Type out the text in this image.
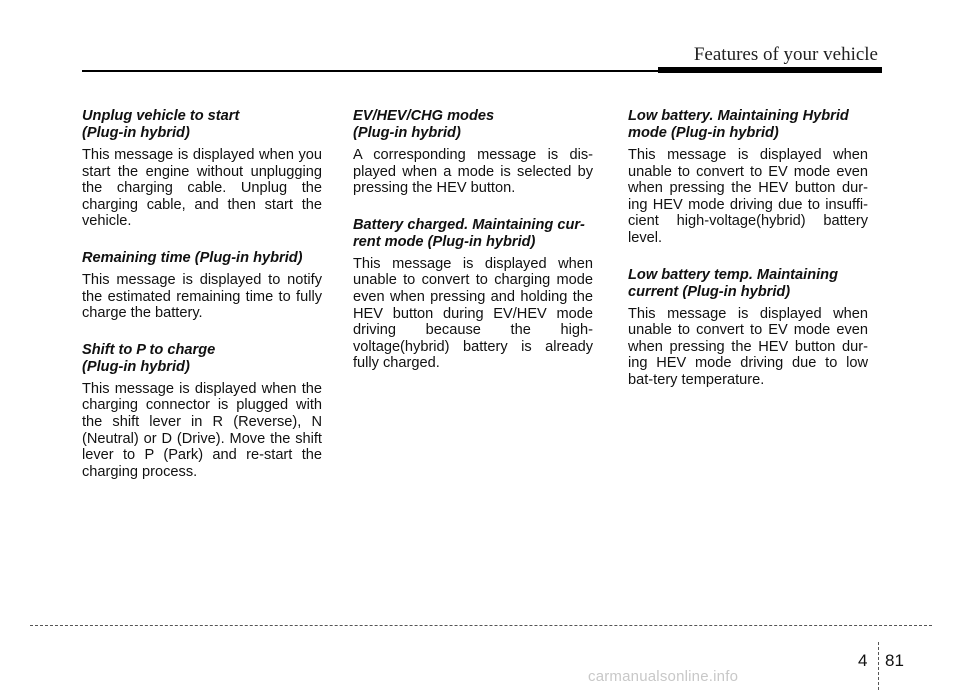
Features of your vehicle

Unplug vehicle to start
(Plug-in hybrid)

This message is displayed when you start the engine without unplugging the charging cable. Unplug the charging cable, and then start the vehicle.

Remaining time (Plug-in hybrid)

This message is displayed to notify the estimated remaining time to fully charge the battery.

Shift to P to charge
(Plug-in hybrid)

This message is displayed when the charging connector is plugged with the shift lever in R (Reverse), N (Neutral) or D (Drive). Move the shift lever to P (Park) and re-start the charging process.

EV/HEV/CHG modes
(Plug-in hybrid)

A corresponding message is dis-played when a mode is selected by pressing the HEV button.

Battery charged. Maintaining cur-
rent mode (Plug-in hybrid)

This message is displayed when unable to convert to charging mode even when pressing and holding the HEV button during EV/HEV mode driving because the high-voltage(hybrid) battery is already fully charged.

Low battery. Maintaining Hybrid
mode (Plug-in hybrid)

This message is displayed when unable to convert to EV mode even when pressing the HEV button dur-ing HEV mode driving due to insuffi-cient high-voltage(hybrid) battery level.

Low battery temp. Maintaining
current (Plug-in hybrid)

This message is displayed when unable to convert to EV mode even when pressing the HEV button dur-ing HEV mode driving due to low bat-tery temperature.

4 81
carmanualsonline.info
